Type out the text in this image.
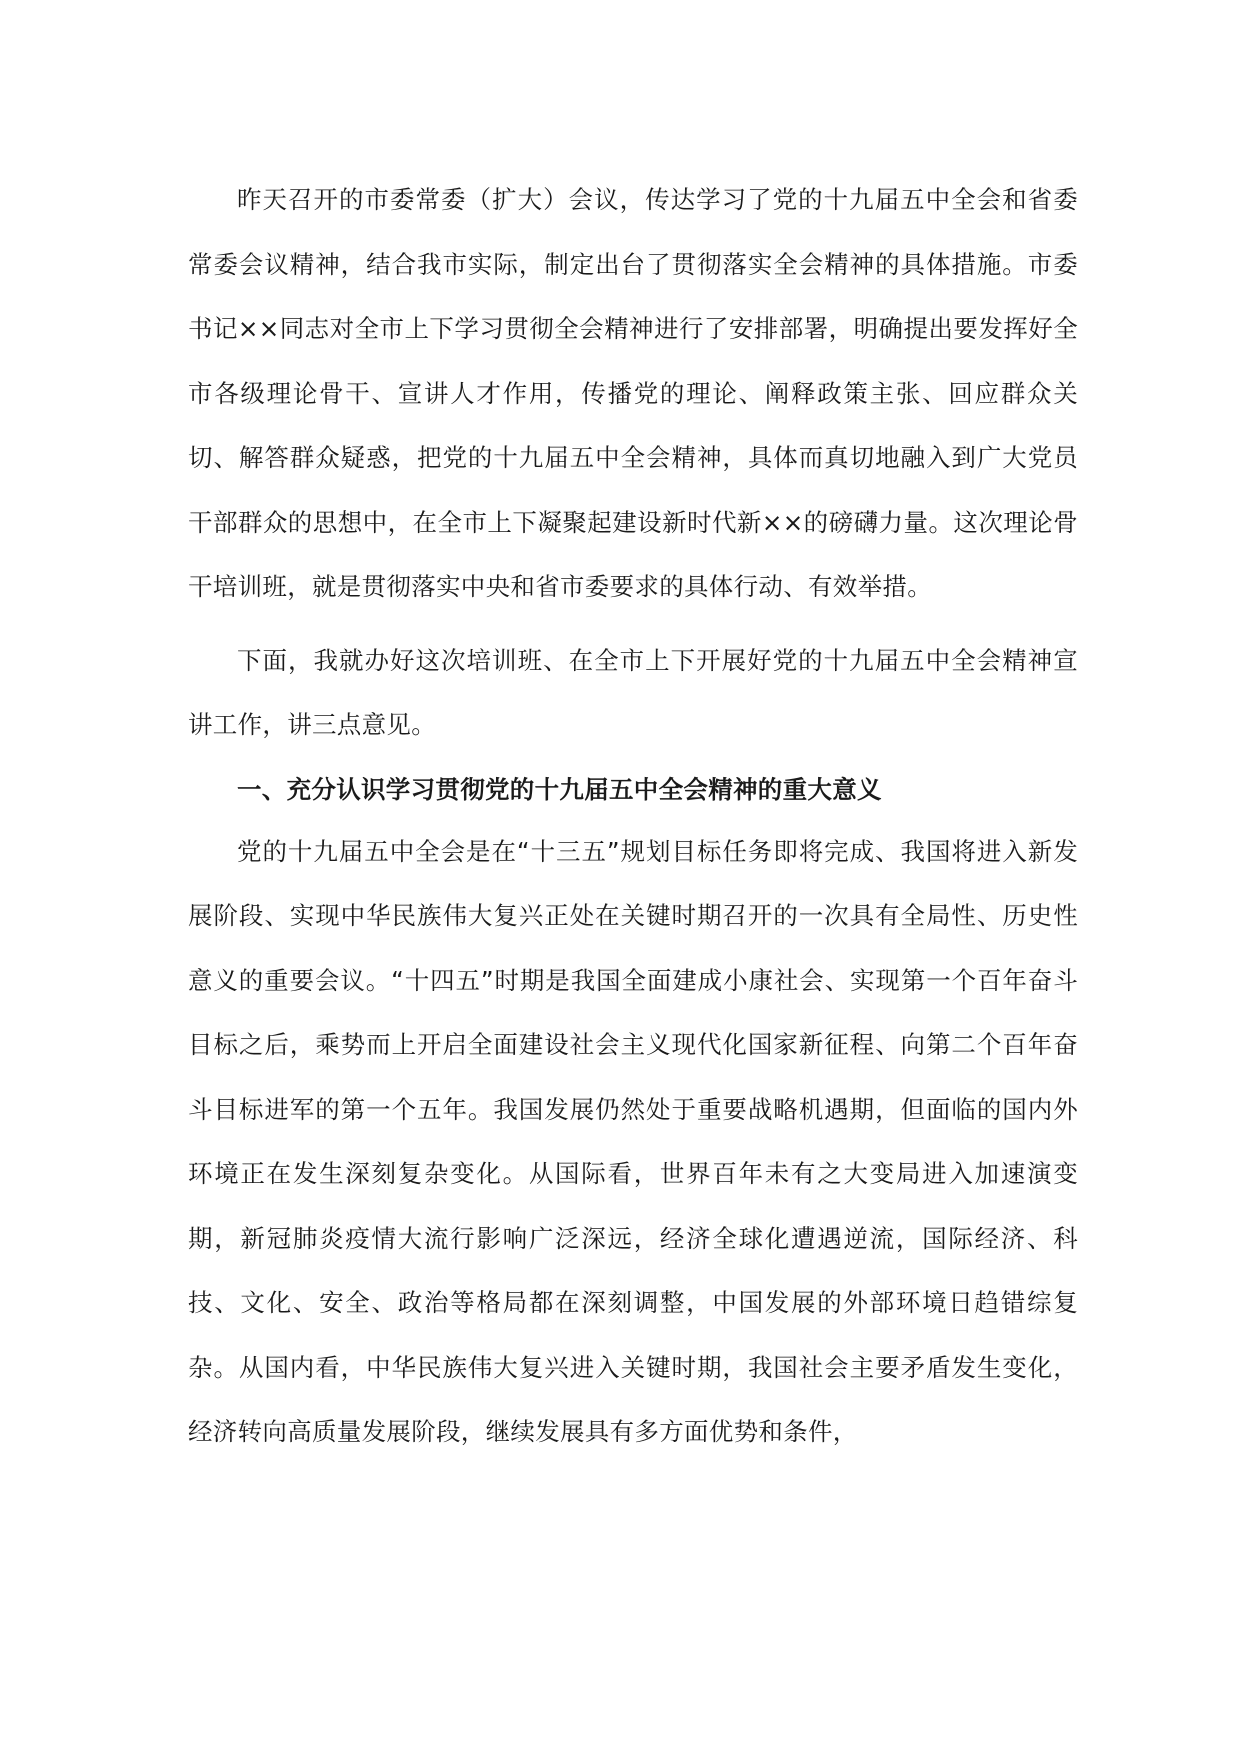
昨天召开的市委常委（扩大）会议，传达学习了党的十九届五中全会和省委常委会议精神，结合我市实际，制定出台了贯彻落实全会精神的具体措施。市委书记××同志对全市上下学习贯彻全会精神进行了安排部署，明确提出要发挥好全市各级理论骨干、宣讲人才作用，传播党的理论、阐释政策主张、回应群众关切、解答群众疑惑，把党的十九届五中全会精神，具体而真切地融入到广大党员干部群众的思想中，在全市上下凝聚起建设新时代新××的磅礴力量。这次理论骨干培训班，就是贯彻落实中央和省市委要求的具体行动、有效举措。

下面，我就办好这次培训班、在全市上下开展好党的十九届五中全会精神宣讲工作，讲三点意见。

一、充分认识学习贯彻党的十九届五中全会精神的重大意义

党的十九届五中全会是在“十三五”规划目标任务即将完成、我国将进入新发展阶段、实现中华民族伟大复兴正处在关键时期召开的一次具有全局性、历史性意义的重要会议。“十四五”时期是我国全面建成小康社会、实现第一个百年奋斗目标之后，乘势而上开启全面建设社会主义现代化国家新征程、向第二个百年奋斗目标进军的第一个五年。我国发展仍然处于重要战略机遇期，但面临的国内外环境正在发生深刻复杂变化。从国际看，世界百年未有之大变局进入加速演变期，新冠肺炎疫情大流行影响广泛深远，经济全球化遭遇逆流，国际经济、科技、文化、安全、政治等格局都在深刻调整，中国发展的外部环境日趋错综复杂。从国内看，中华民族伟大复兴进入关键时期，我国社会主要矛盾发生变化，经济转向高质量发展阶段，继续发展具有多方面优势和条件，
